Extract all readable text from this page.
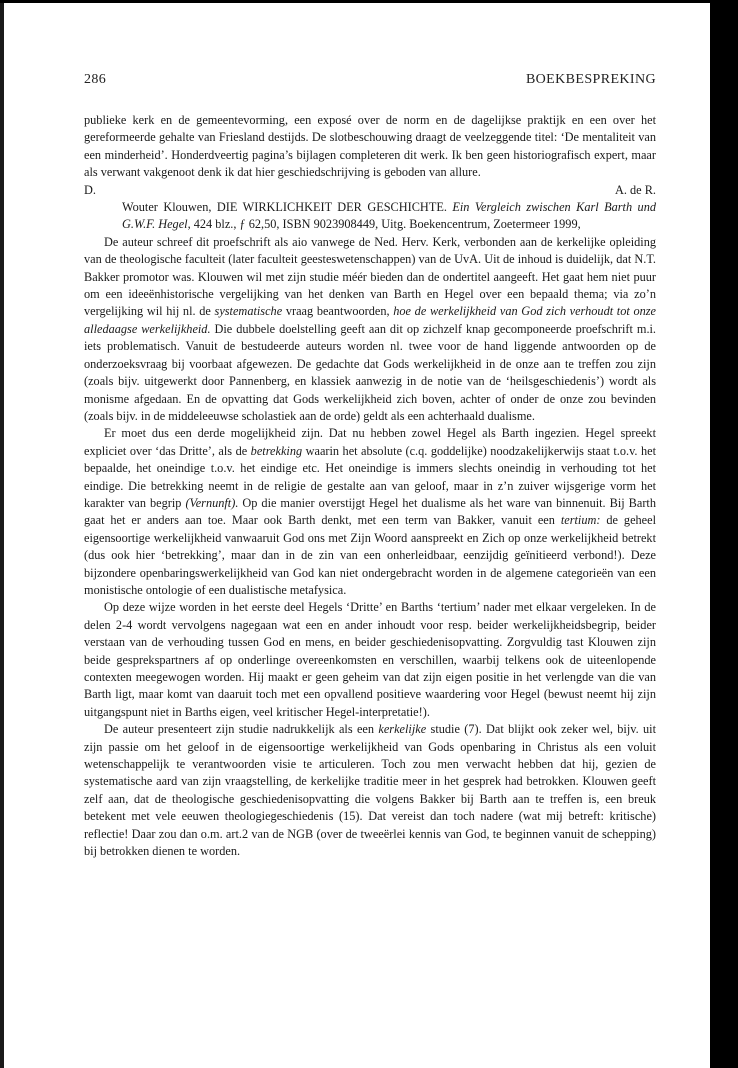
286	BOEKBESPREKING

publieke kerk en de gemeentevorming, een exposé over de norm en de dagelijkse praktijk en een over het gereformeerde gehalte van Friesland destijds. De slotbeschouwing draagt de veelzeggende titel: ‘De mentaliteit van een minderheid’. Honderdveertig pagina’s bijlagen completeren dit werk. Ik ben geen historiografisch expert, maar als verwant vakgenoot denk ik dat hier geschiedschrijving is geboden van allure.

D.	A. de R.

Wouter Klouwen, DIE WIRKLICHKEIT DER GESCHICHTE. Ein Vergleich zwischen Karl Barth und G.W.F. Hegel, 424 blz., ƒ 62,50, ISBN 9023908449, Uitg. Boekencentrum, Zoetermeer 1999,

De auteur schreef dit proefschrift als aio vanwege de Ned. Herv. Kerk, verbonden aan de kerkelijke opleiding van de theologische faculteit (later faculteit geesteswetenschappen) van de UvA. Uit de inhoud is duidelijk, dat N.T. Bakker promotor was. Klouwen wil met zijn studie méér bieden dan de ondertitel aangeeft. Het gaat hem niet puur om een ideeënhistorische vergelijking van het denken van Barth en Hegel over een bepaald thema; via zo’n vergelijking wil hij nl. de systematische vraag beantwoorden, hoe de werkelijkheid van God zich verhoudt tot onze alledaagse werkelijkheid. Die dubbele doelstelling geeft aan dit op zichzelf knap gecomponeerde proefschrift m.i. iets problematisch. Vanuit de bestudeerde auteurs worden nl. twee voor de hand liggende antwoorden op de onderzoeksvraag bij voorbaat afgewezen. De gedachte dat Gods werkelijkheid in de onze aan te treffen zou zijn (zoals bijv. uitgewerkt door Pannenberg, en klassiek aanwezig in de notie van de ‘heilsgeschiedenis’) wordt als monisme afgedaan. En de opvatting dat Gods werkelijkheid zich boven, achter of onder de onze zou bevinden (zoals bijv. in de middeleeuwse scholastiek aan de orde) geldt als een achterhaald dualisme.

Er moet dus een derde mogelijkheid zijn. Dat nu hebben zowel Hegel als Barth ingezien. Hegel spreekt expliciet over ‘das Dritte’, als de betrekking waarin het absolute (c.q. goddelijke) noodzakelijkerwijs staat t.o.v. het bepaalde, het oneindige t.o.v. het eindige etc. Het oneindige is immers slechts oneindig in verhouding tot het eindige. Die betrekking neemt in de religie de gestalte aan van geloof, maar in z’n zuiver wijsgerige vorm het karakter van begrip (Vernunft). Op die manier overstijgt Hegel het dualisme als het ware van binnenuit. Bij Barth gaat het er anders aan toe. Maar ook Barth denkt, met een term van Bakker, vanuit een tertium: de geheel eigensoortige werkelijkheid vanwaaruit God ons met Zijn Woord aanspreekt en Zich op onze werkelijkheid betrekt (dus ook hier ‘betrekking’, maar dan in de zin van een onherleidbaar, eenzijdig geïnitieerd verbond!). Deze bijzondere openbaringswerkelijkheid van God kan niet ondergebracht worden in de algemene categorieën van een monistische ontologie of een dualistische metafysica.

Op deze wijze worden in het eerste deel Hegels ‘Dritte’ en Barths ‘tertium’ nader met elkaar vergeleken. In de delen 2-4 wordt vervolgens nagegaan wat een en ander inhoudt voor resp. beider werkelijkheidsbegrip, beider verstaan van de verhouding tussen God en mens, en beider geschiedenisopvatting. Zorgvuldig tast Klouwen zijn beide gesprekspartners af op onderlinge overeenkomsten en verschillen, waarbij telkens ook de uiteenlopende contexten meegewogen worden. Hij maakt er geen geheim van dat zijn eigen positie in het verlengde van die van Barth ligt, maar komt van daaruit toch met een opvallend positieve waardering voor Hegel (bewust neemt hij zijn uitgangspunt niet in Barths eigen, veel kritischer Hegel-interpretatie!).

De auteur presenteert zijn studie nadrukkelijk als een kerkelijke studie (7). Dat blijkt ook zeker wel, bijv. uit zijn passie om het geloof in de eigensoortige werkelijkheid van Gods openbaring in Christus als een voluit wetenschappelijk te verantwoorden visie te articuleren. Toch zou men verwacht hebben dat hij, gezien de systematische aard van zijn vraagstelling, de kerkelijke traditie meer in het gesprek had betrokken. Klouwen geeft zelf aan, dat de theologische geschiedenisopvatting die volgens Bakker bij Barth aan te treffen is, een breuk betekent met vele eeuwen theologiegeschiedenis (15). Dat vereist dan toch nadere (wat mij betreft: kritische) reflectie! Daar zou dan o.m. art.2 van de NGB (over de tweeërlei kennis van God, te beginnen vanuit de schepping) bij betrokken dienen te worden.
